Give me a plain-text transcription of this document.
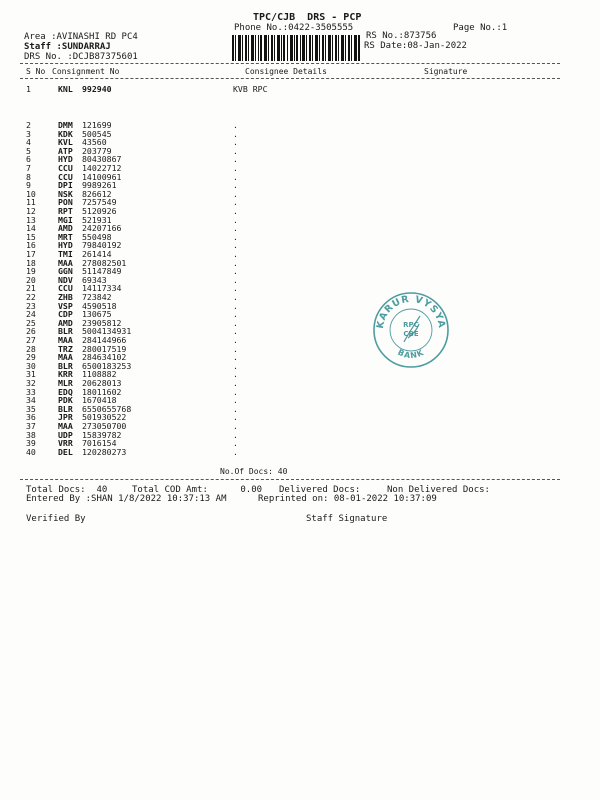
TPC/CJB  DRS - PCP
Phone No.:0422-3505555	Page No.:1
Area :AVINASHI RD PC4
Staff :SUNDARRAJ
DRS No. :DCJB87375601
RS No.:873756
RS Date:08-Jan-2022
S No Consignment No	Consignee Details	Signature
1	KNL 992940	KVB RPC
2	DMM 121699	.
3	KDK 500545	.
4	KVL 43560	.
5	ATP 203779	.
6	HYD 80430867	.
7	CCU 14022712	.
8	CCU 14100961	.
9	DPI 9989261	.
10	NSK 826612	.
11	PON 7257549	.
12	RPT 5120926	.
13	MGI 521931	.
14	AMD 24207166	.
15	MRT 550498	.
16	HYD 79840192	.
17	TMI 261414	.
18	MAA 278082501	.
19	GGN 51147849	.
20	NDV 69343	.
21	CCU 14117334	.
22	ZHB 723842	.
23	VSP 4590518	.
24	CDP 130675	.
25	AMD 23905812	.
26	BLR 5004134931	.
27	MAA 284144966	.
28	TRZ 280017519	.
29	MAA 284634102	.
30	BLR 6500183253	.
31	KRR 1108882	.
32	MLR 20628013	.
33	EDQ 18011602	.
34	PDK 1670418	.
35	BLR 6550655768	.
36	JPR 501930522	.
37	MAA 273050700	.
38	UDP 15839782	.
39	VRR 7016154	.
40	DEL 120280273	.
No.Of Docs: 40
Total Docs:  40	Total COD Amt:      0.00 Delivered Docs:	Non Delivered Docs:
Entered By :SHAN 1/8/2022 10:37:13 AM	Reprinted on: 08-01-2022 10:37:09
Verified By	Staff Signature
KARUR VYSYA
BANK
RPC
CBE
